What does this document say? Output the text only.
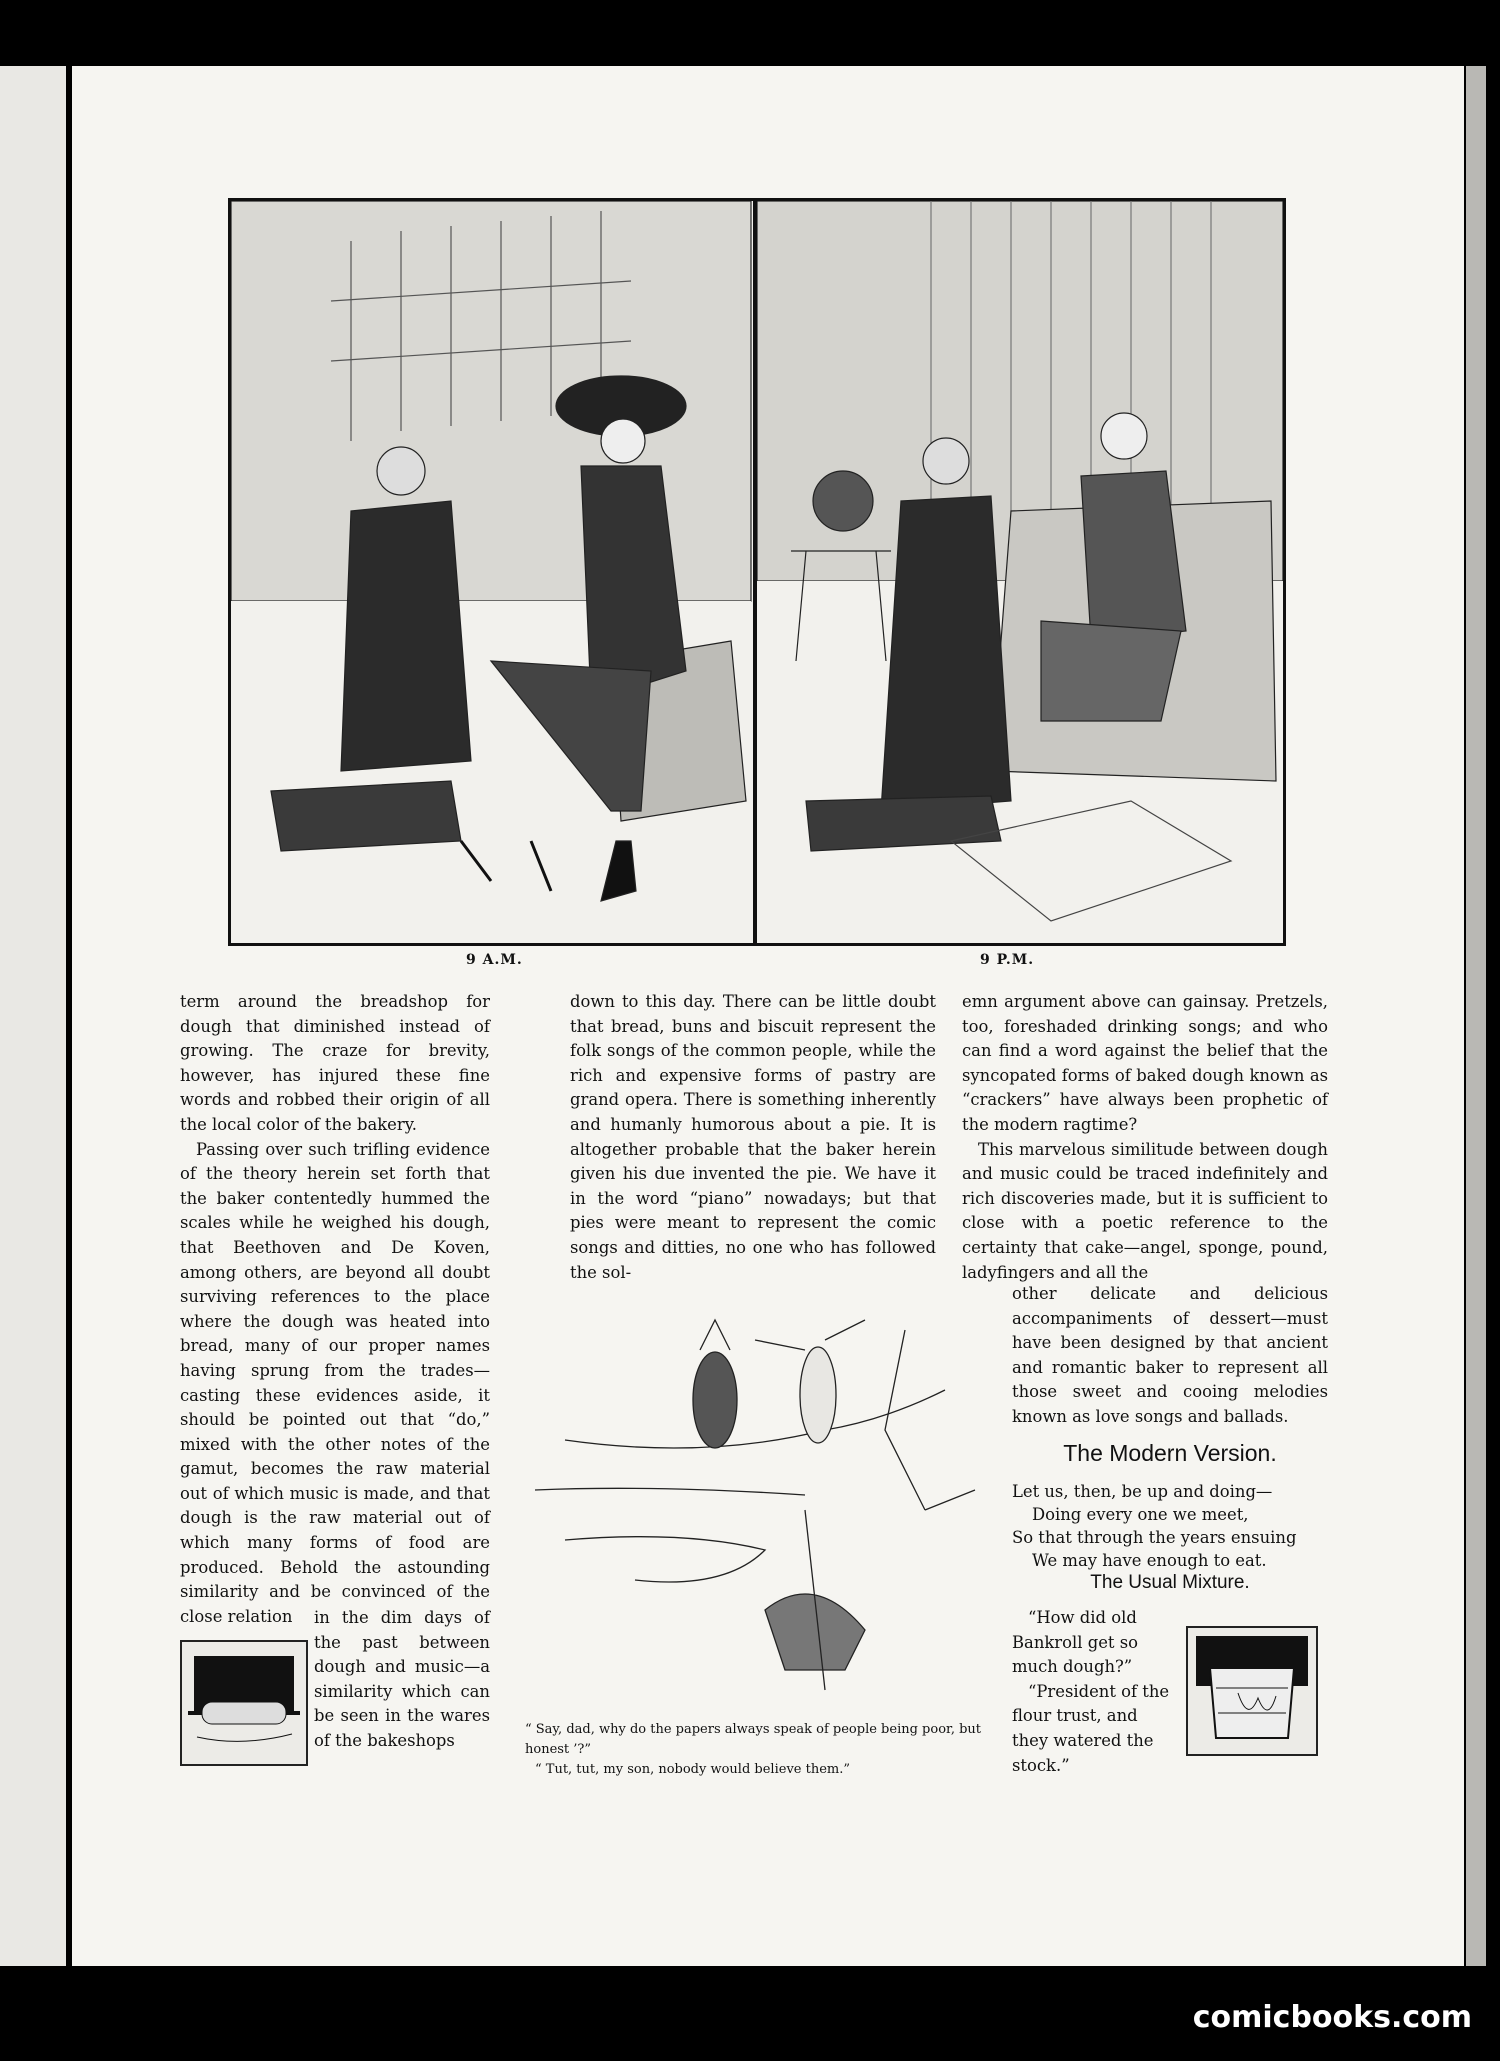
9 A.M.	9 P.M.

term around the breadshop for dough that diminished instead of growing. The craze for brevity, however, has injured these fine words and robbed their origin of all the local color of the bakery.

Passing over such trifling evidence of the theory herein set forth that the baker contentedly hummed the scales while he weighed his dough, that Beethoven and De Koven, among others, are beyond all doubt surviving references to the place where the dough was heated into bread, many of our proper names having sprung from the trades—casting these evidences aside, it should be pointed out that “do,” mixed with the other notes of the gamut, becomes the raw material out of which music is made, and that dough is the raw material out of which many forms of food are produced. Behold the astounding similarity and be convinced of the close relation	in the dim days of the past between dough and music—a similarity which can be seen in the wares of the bakeshops

down to this day. There can be little doubt that bread, buns and biscuit represent the folk songs of the common people, while the rich and expensive forms of pastry are grand opera. There is something inherently and humanly humorous about a pie. It is altogether probable that the baker herein given his due invented the pie. We have it in the word “piano” nowadays; but that pies were meant to represent the comic songs and ditties, no one who has followed the sol-

“ Say, dad, why do the papers always speak of people being poor, but honest ’?”
“ Tut, tut, my son, nobody would believe them.”

emn argument above can gainsay. Pretzels, too, foreshaded drinking songs; and who can find a word against the belief that the syncopated forms of baked dough known as “crackers” have always been prophetic of the modern ragtime?

This marvelous similitude between dough and music could be traced indefinitely and rich discoveries made, but it is sufficient to close with a poetic reference to the certainty that cake—angel, sponge, pound, ladyfingers and all the

other delicate and delicious accompaniments of dessert—must have been designed by that ancient and romantic baker to represent all those sweet and cooing melodies known as love songs and ballads.

The Modern Version.
Let us, then, be up and doing—
Doing every one we meet,
So that through the years ensuing
We may have enough to eat.
The Usual Mixture.

“How did old Bankroll get so much dough?”

“President of the flour trust, and they watered the stock.”

comicbooks.com
